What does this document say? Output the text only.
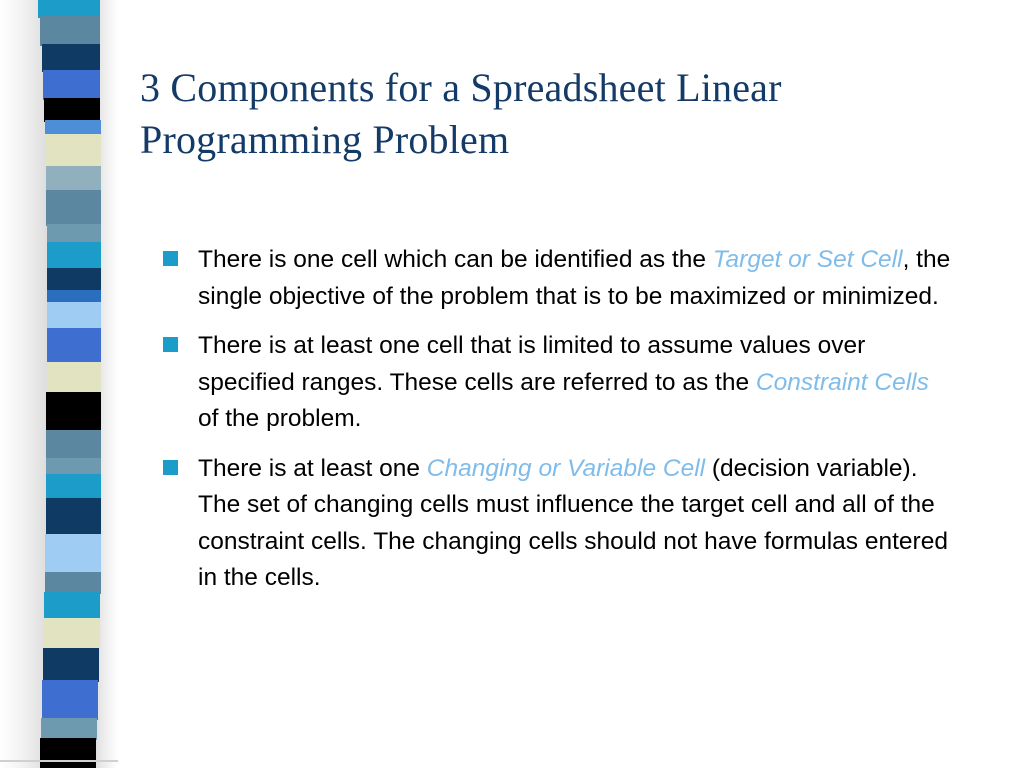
3 Components for a Spreadsheet Linear Programming Problem
There is one cell which can be identified as the Target or Set Cell, the single objective of the problem that is to be maximized or minimized.
There is at least one cell that is limited to assume values over specified ranges. These cells are referred to as the Constraint Cells of the problem.
There is at least one Changing or Variable Cell (decision variable). The set of changing cells must influence the target cell and all of the constraint cells. The changing cells should not have formulas entered in the cells.
